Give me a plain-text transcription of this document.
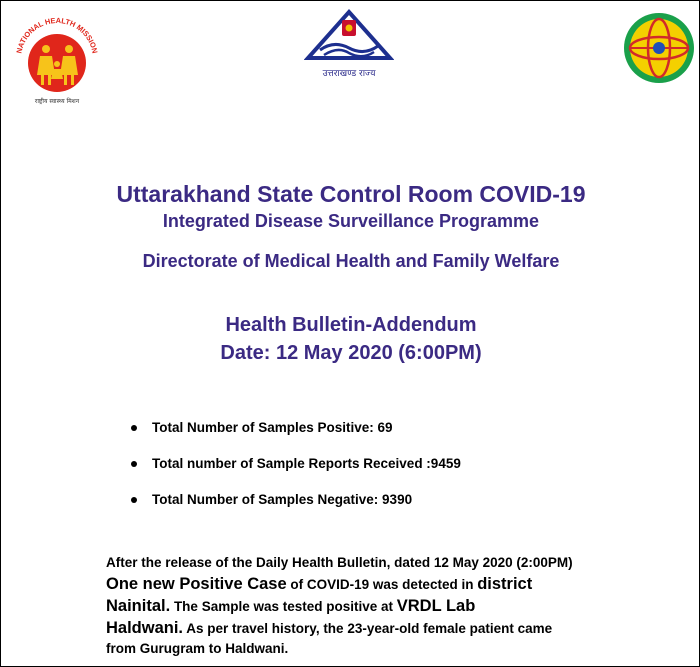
NATIONAL HEALTH MISSION
राष्ट्रीय स्वास्थ्य मिशन
उत्तराखण्ड राज्य
Uttarakhand State Control Room COVID-19
Integrated Disease Surveillance Programme
Directorate of Medical Health and Family Welfare
Health Bulletin-Addendum
Date: 12 May 2020 (6:00PM)
Total Number of Samples Positive: 69
Total number of Sample Reports Received :9459
Total Number of Samples Negative: 9390
After the release of the Daily Health Bulletin, dated 12 May 2020 (2:00PM)
One new Positive Case of COVID-19 was detected in district
Nainital. The Sample was tested positive at VRDL Lab
Haldwani. As per travel history, the 23-year-old female patient came
from Gurugram to Haldwani.
